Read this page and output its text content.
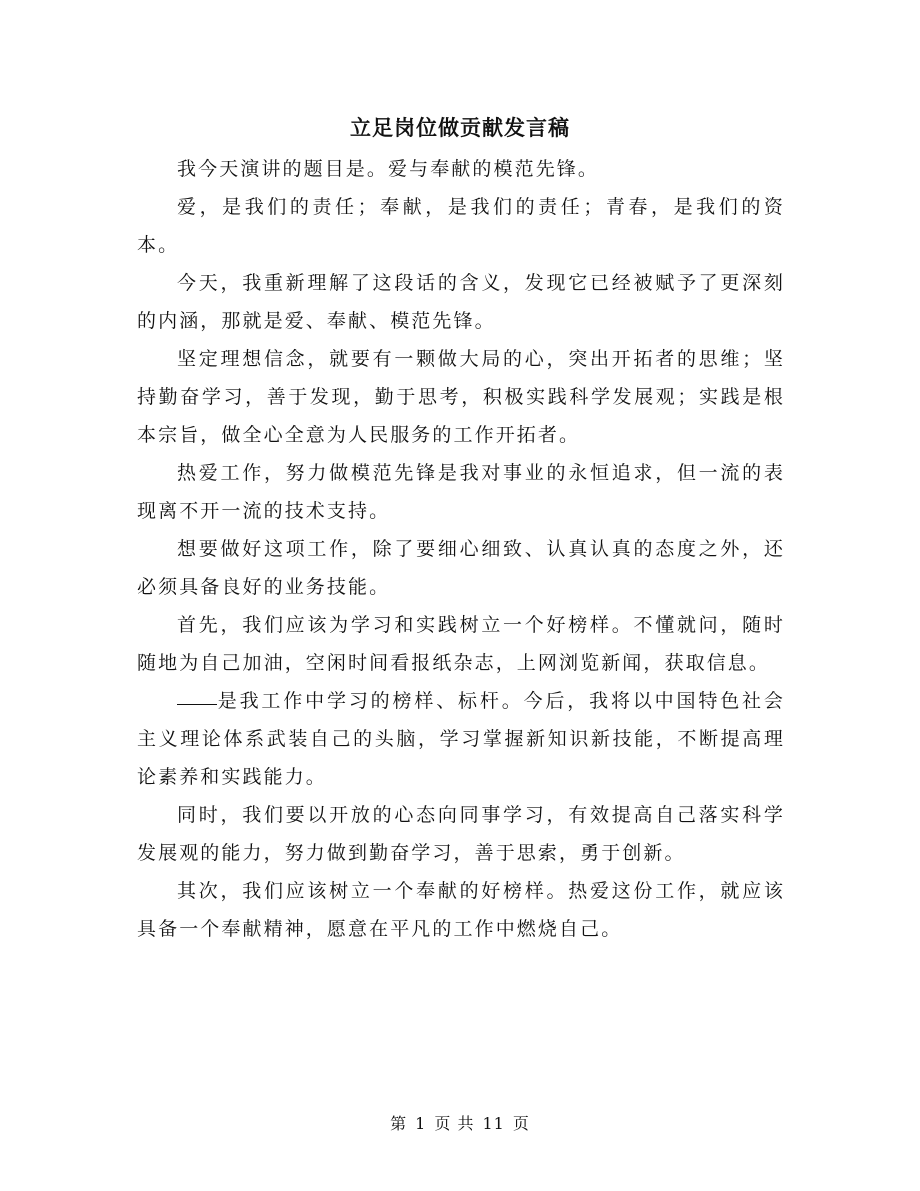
立足岗位做贡献发言稿

我今天演讲的题目是。爱与奉献的模范先锋。

爱，是我们的责任；奉献，是我们的责任；青春，是我们的资本。

今天，我重新理解了这段话的含义，发现它已经被赋予了更深刻的内涵，那就是爱、奉献、模范先锋。

坚定理想信念，就要有一颗做大局的心，突出开拓者的思维；坚持勤奋学习，善于发现，勤于思考，积极实践科学发展观；实践是根本宗旨，做全心全意为人民服务的工作开拓者。

热爱工作，努力做模范先锋是我对事业的永恒追求，但一流的表现离不开一流的技术支持。

想要做好这项工作，除了要细心细致、认真认真的态度之外，还必须具备良好的业务技能。

首先，我们应该为学习和实践树立一个好榜样。不懂就问，随时随地为自己加油，空闲时间看报纸杂志，上网浏览新闻，获取信息。

是我工作中学习的榜样、标杆。今后，我将以中国特色社会主义理论体系武装自己的头脑，学习掌握新知识新技能，不断提高理论素养和实践能力。

同时，我们要以开放的心态向同事学习，有效提高自己落实科学发展观的能力，努力做到勤奋学习，善于思索，勇于创新。

其次，我们应该树立一个奉献的好榜样。热爱这份工作，就应该具备一个奉献精神，愿意在平凡的工作中燃烧自己。

第 1 页 共 11 页
